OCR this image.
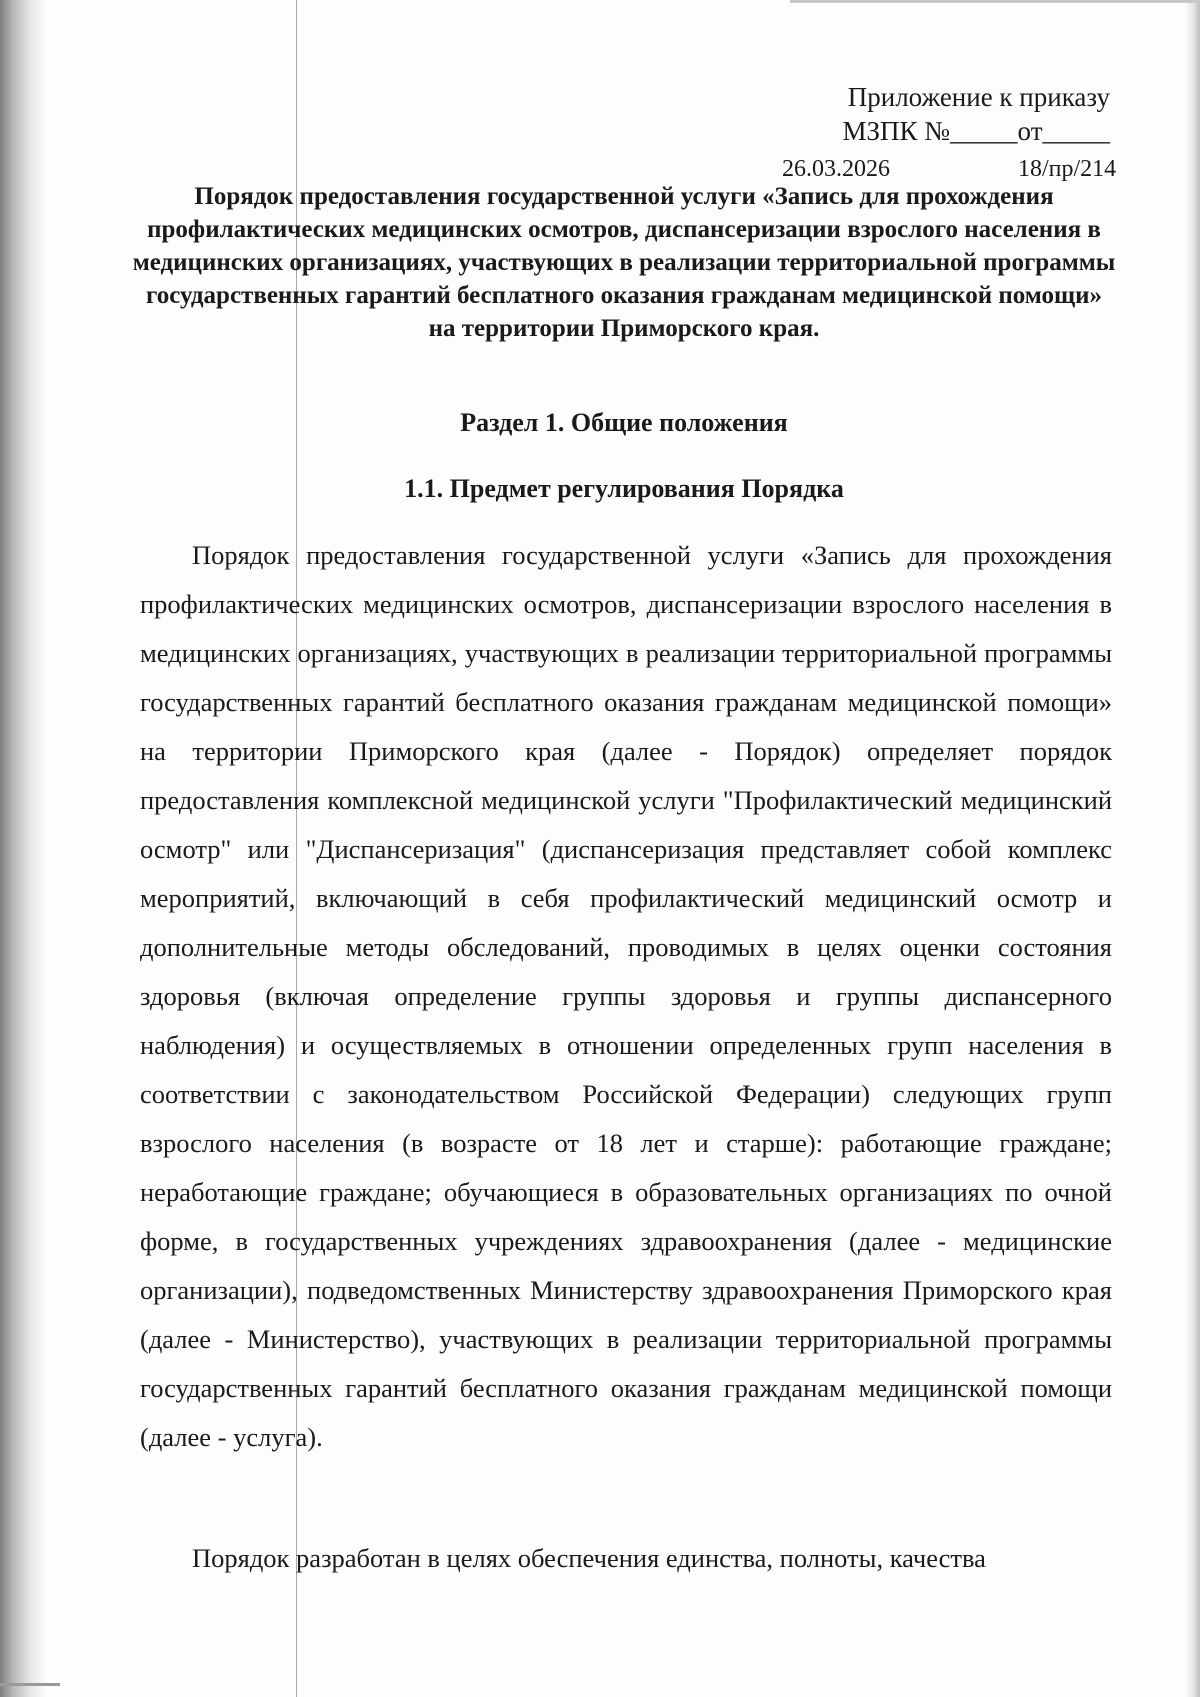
Приложение к приказу
МЗПК №_____от_____
26.03.2026	18/пр/214
Порядок предоставления государственной услуги «Запись для прохождения профилактических медицинских осмотров, диспансеризации взрослого населения в медицинских организациях, участвующих в реализации территориальной программы государственных гарантий бесплатного оказания гражданам медицинской помощи» на территории Приморского края.
Раздел 1. Общие положения
1.1. Предмет регулирования Порядка

Порядок предоставления государственной услуги «Запись для прохождения профилактических медицинских осмотров, диспансеризации взрослого населения в медицинских организациях, участвующих в реализации территориальной программы государственных гарантий бесплатного оказания гражданам медицинской помощи» на территории Приморского края (далее - Порядок) определяет порядок предоставления комплексной медицинской услуги "Профилактический медицинский осмотр" или "Диспансеризация" (диспансеризация представляет собой комплекс мероприятий, включающий в себя профилактический медицинский осмотр и дополнительные методы обследований, проводимых в целях оценки состояния здоровья (включая определение группы здоровья и группы диспансерного наблюдения) и осуществляемых в отношении определенных групп населения в соответствии с законодательством Российской Федерации) следующих групп взрослого населения (в возрасте от 18 лет и старше): работающие граждане; неработающие граждане; обучающиеся в образовательных организациях по очной форме, в государственных учреждениях здравоохранения (далее - медицинские организации), подведомственных Министерству здравоохранения Приморского края (далее - Министерство), участвующих в реализации территориальной программы государственных гарантий бесплатного оказания гражданам медицинской помощи (далее - услуга).

Порядок разработан в целях обеспечения единства, полноты, качества
